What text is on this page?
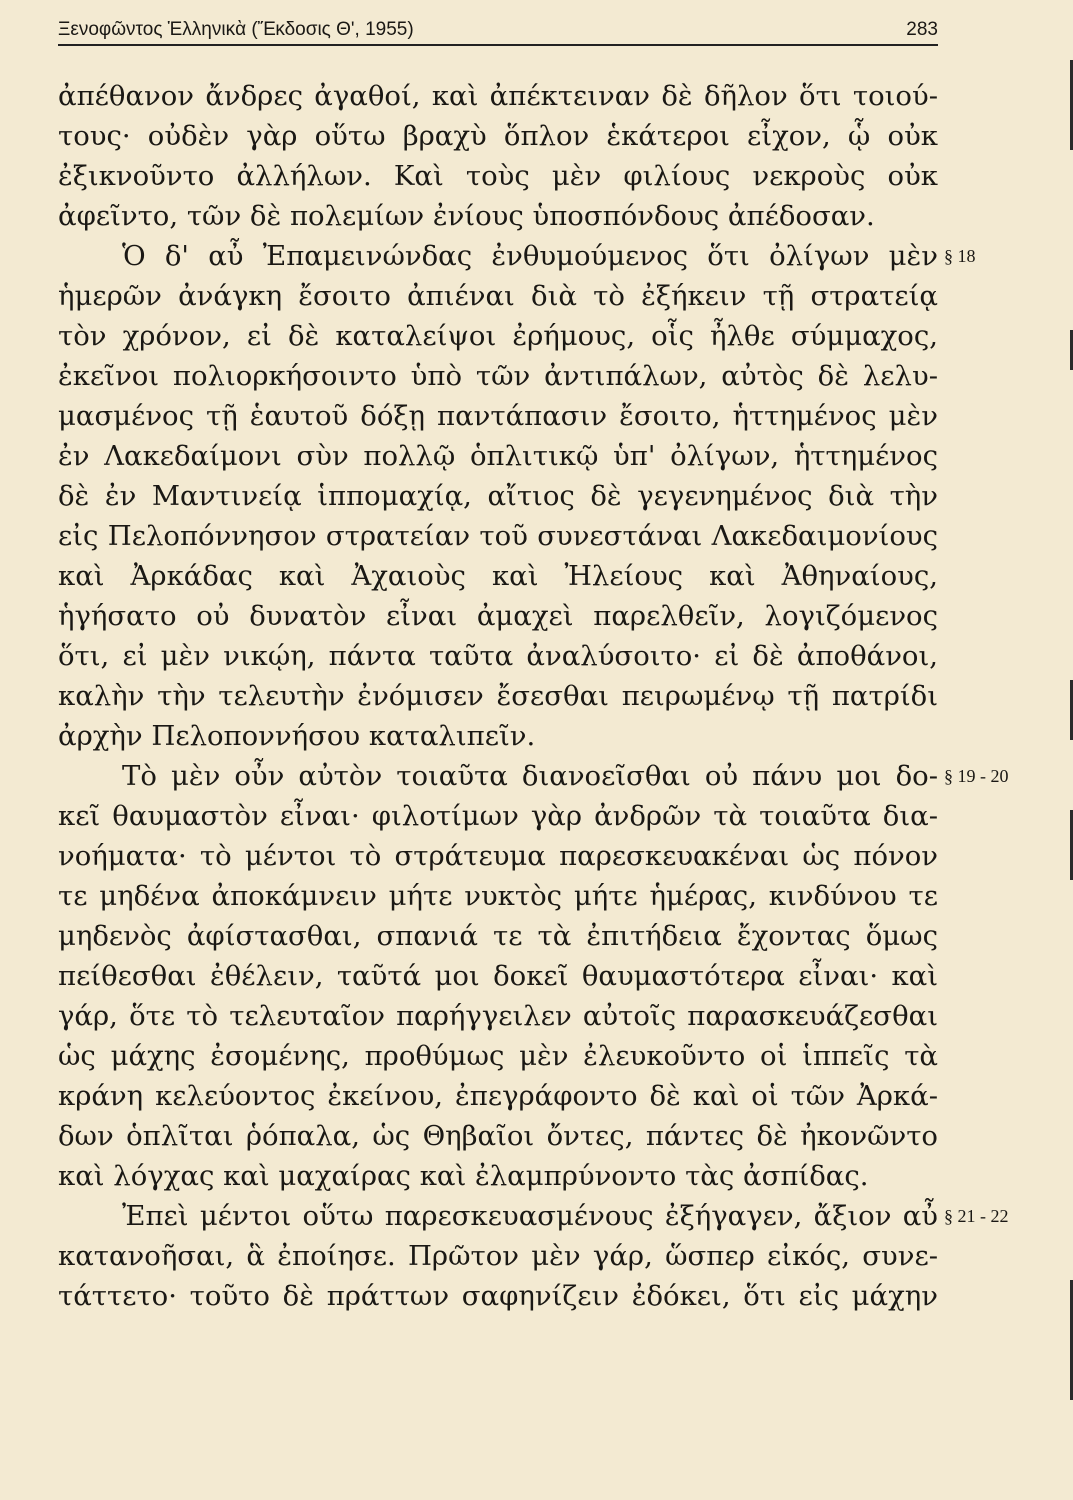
Ξενοφῶντος Ἑλληνικὰ (Ἔκδοσις Θ', 1955)	283
ἀπέθανον ἄνδρες ἀγαθοί, καὶ ἀπέκτειναν δὲ δῆλον ὅτι τοιού-
τους· οὐδὲν γὰρ οὕτω βραχὺ ὅπλον ἑκάτεροι εἶχον, ᾧ οὐκ
ἐξικνοῦντο ἀλλήλων. Καὶ τοὺς μὲν φιλίους νεκροὺς οὐκ
ἀφεῖντο, τῶν δὲ πολεμίων ἐνίους ὑποσπόνδους ἀπέδοσαν.
Ὁ δ' αὖ Ἐπαμεινώνδας ἐνθυμούμενος ὅτι ὀλίγων μὲν
ἡμερῶν ἀνάγκη ἔσοιτο ἀπιέναι διὰ τὸ ἐξήκειν τῇ στρατείᾳ
τὸν χρόνον, εἰ δὲ καταλείψοι ἐρήμους, οἷς ἦλθε σύμμαχος,
ἐκεῖνοι πολιορκήσοιντο ὑπὸ τῶν ἀντιπάλων, αὐτὸς δὲ λελυ-
μασμένος τῇ ἑαυτοῦ δόξῃ παντάπασιν ἔσοιτο, ἡττημένος μὲν
ἐν Λακεδαίμονι σὺν πολλῷ ὁπλιτικῷ ὑπ' ὀλίγων, ἡττημένος
δὲ ἐν Μαντινείᾳ ἱππομαχίᾳ, αἴτιος δὲ γεγενημένος διὰ τὴν
εἰς Πελοπόννησον στρατείαν τοῦ συνεστάναι Λακεδαιμονίους
καὶ Ἀρκάδας καὶ Ἀχαιοὺς καὶ Ἠλείους καὶ Ἀθηναίους,
ἡγήσατο οὐ δυνατὸν εἶναι ἀμαχεὶ παρελθεῖν, λογιζόμενος
ὅτι, εἰ μὲν νικῴη, πάντα ταῦτα ἀναλύσοιτο· εἰ δὲ ἀποθάνοι,
καλὴν τὴν τελευτὴν ἐνόμισεν ἔσεσθαι πειρωμένῳ τῇ πατρίδι
ἀρχὴν Πελοποννήσου καταλιπεῖν.
Τὸ μὲν οὖν αὐτὸν τοιαῦτα διανοεῖσθαι οὐ πάνυ μοι δο-
κεῖ θαυμαστὸν εἶναι· φιλοτίμων γὰρ ἀνδρῶν τὰ τοιαῦτα δια-
νοήματα· τὸ μέντοι τὸ στράτευμα παρεσκευακέναι ὡς πόνον
τε μηδένα ἀποκάμνειν μήτε νυκτὸς μήτε ἡμέρας, κινδύνου τε
μηδενὸς ἀφίστασθαι, σπανιά τε τὰ ἐπιτήδεια ἔχοντας ὅμως
πείθεσθαι ἐθέλειν, ταῦτά μοι δοκεῖ θαυμαστότερα εἶναι· καὶ
γάρ, ὅτε τὸ τελευταῖον παρήγγειλεν αὐτοῖς παρασκευάζεσθαι
ὡς μάχης ἐσομένης, προθύμως μὲν ἐλευκοῦντο οἱ ἱππεῖς τὰ
κράνη κελεύοντος ἐκείνου, ἐπεγράφοντο δὲ καὶ οἱ τῶν Ἀρκά-
δων ὁπλῖται ῥόπαλα, ὡς Θηβαῖοι ὄντες, πάντες δὲ ἠκονῶντο
καὶ λόγχας καὶ μαχαίρας καὶ ἐλαμπρύνοντο τὰς ἀσπίδας.
Ἐπεὶ μέντοι οὕτω παρεσκευασμένους ἐξήγαγεν, ἄξιον αὖ
κατανοῆσαι, ἃ ἐποίησε. Πρῶτον μὲν γάρ, ὥσπερ εἰκός, συνε-
τάττετο· τοῦτο δὲ πράττων σαφηνίζειν ἐδόκει, ὅτι εἰς μάχην
§ 18
§ 19 - 20
§ 21 - 22
